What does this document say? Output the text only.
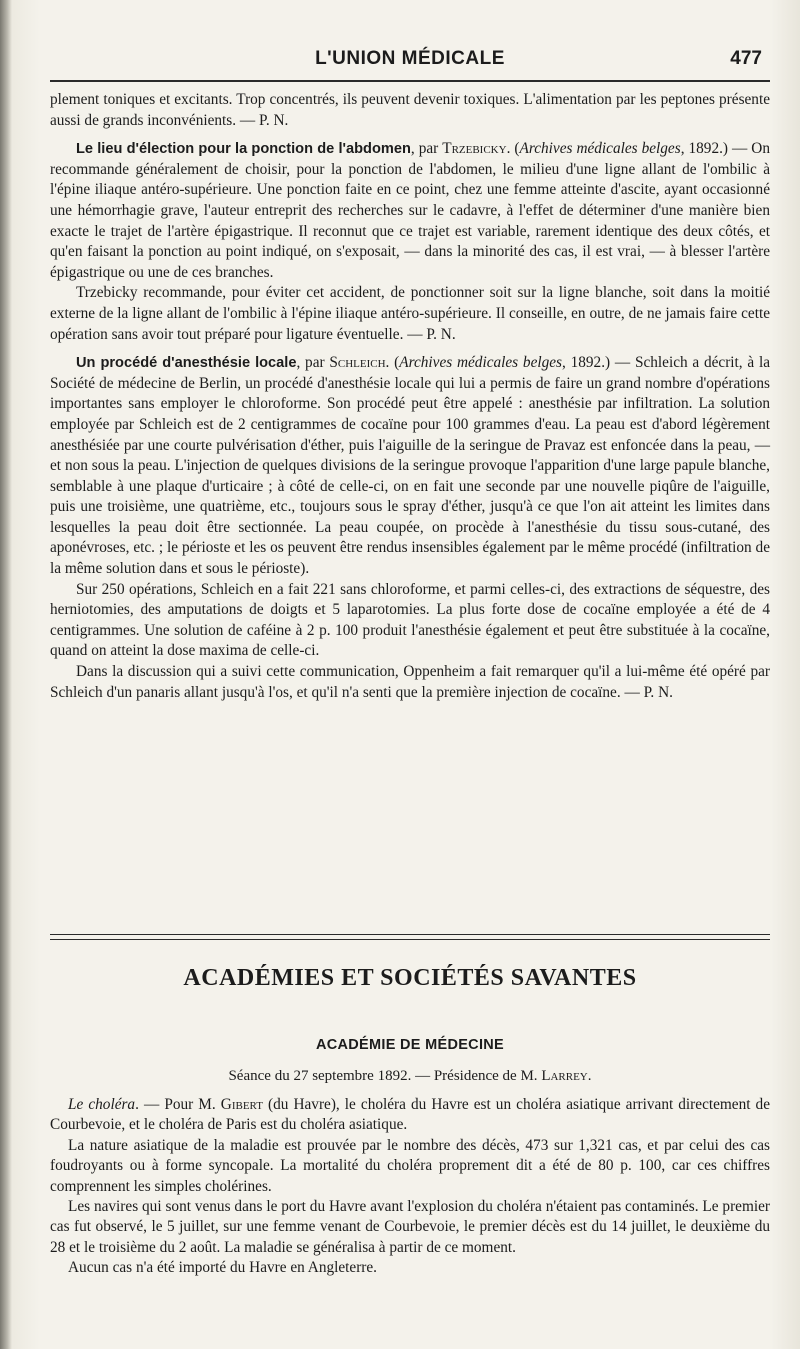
L'UNION MÉDICALE	477

plement toniques et excitants. Trop concentrés, ils peuvent devenir toxiques. L'alimentation par les peptones présente aussi de grands inconvénients. — P. N.

Le lieu d'élection pour la ponction de l'abdomen, par Trzebicky. (Archives médicales belges, 1892.) — On recommande généralement de choisir, pour la ponction de l'abdomen, le milieu d'une ligne allant de l'ombilic à l'épine iliaque antéro-supérieure. Une ponction faite en ce point, chez une femme atteinte d'ascite, ayant occasionné une hémorrhagie grave, l'auteur entreprit des recherches sur le cadavre, à l'effet de déterminer d'une manière bien exacte le trajet de l'artère épigastrique. Il reconnut que ce trajet est variable, rarement identique des deux côtés, et qu'en faisant la ponction au point indiqué, on s'exposait, — dans la minorité des cas, il est vrai, — à blesser l'artère épigastrique ou une de ces branches.

Trzebicky recommande, pour éviter cet accident, de ponctionner soit sur la ligne blanche, soit dans la moitié externe de la ligne allant de l'ombilic à l'épine iliaque antéro-supérieure. Il conseille, en outre, de ne jamais faire cette opération sans avoir tout préparé pour ligature éventuelle. — P. N.

Un procédé d'anesthésie locale, par Schleich. (Archives médicales belges, 1892.) — Schleich a décrit, à la Société de médecine de Berlin, un procédé d'anesthésie locale qui lui a permis de faire un grand nombre d'opérations importantes sans employer le chloroforme. Son procédé peut être appelé : anesthésie par infiltration. La solution employée par Schleich est de 2 centigrammes de cocaïne pour 100 grammes d'eau. La peau est d'abord légèrement anesthésiée par une courte pulvérisation d'éther, puis l'aiguille de la seringue de Pravaz est enfoncée dans la peau, — et non sous la peau. L'injection de quelques divisions de la seringue provoque l'apparition d'une large papule blanche, semblable à une plaque d'urticaire ; à côté de celle-ci, on en fait une seconde par une nouvelle piqûre de l'aiguille, puis une troisième, une quatrième, etc., toujours sous le spray d'éther, jusqu'à ce que l'on ait atteint les limites dans lesquelles la peau doit être sectionnée. La peau coupée, on procède à l'anesthésie du tissu sous-cutané, des aponévroses, etc. ; le périoste et les os peuvent être rendus insensibles également par le même procédé (infiltration de la même solution dans et sous le périoste).

Sur 250 opérations, Schleich en a fait 221 sans chloroforme, et parmi celles-ci, des extractions de séquestre, des herniotomies, des amputations de doigts et 5 laparotomies. La plus forte dose de cocaïne employée a été de 4 centigrammes. Une solution de caféine à 2 p. 100 produit l'anesthésie également et peut être substituée à la cocaïne, quand on atteint la dose maxima de celle-ci.

Dans la discussion qui a suivi cette communication, Oppenheim a fait remarquer qu'il a lui-même été opéré par Schleich d'un panaris allant jusqu'à l'os, et qu'il n'a senti que la première injection de cocaïne. — P. N.

ACADÉMIES ET SOCIÉTÉS SAVANTES
ACADÉMIE DE MÉDECINE
Séance du 27 septembre 1892. — Présidence de M. Larrey.

Le choléra. — Pour M. Gibert (du Havre), le choléra du Havre est un choléra asiatique arrivant directement de Courbevoie, et le choléra de Paris est du choléra asiatique.

La nature asiatique de la maladie est prouvée par le nombre des décès, 473 sur 1,321 cas, et par celui des cas foudroyants ou à forme syncopale. La mortalité du choléra proprement dit a été de 80 p. 100, car ces chiffres comprennent les simples cholérines.

Les navires qui sont venus dans le port du Havre avant l'explosion du choléra n'étaient pas contaminés. Le premier cas fut observé, le 5 juillet, sur une femme venant de Courbevoie, le premier décès est du 14 juillet, le deuxième du 28 et le troisième du 2 août. La maladie se généralisa à partir de ce moment.

Aucun cas n'a été importé du Havre en Angleterre.
